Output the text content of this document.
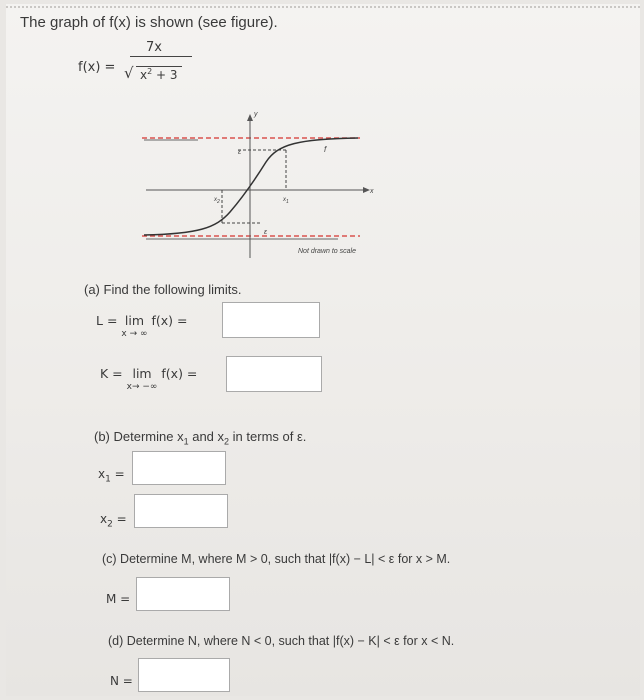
The graph of f(x) is shown (see figure).
f(x) =
7x
√ $x^2 + 3$
y
x
f
ε
ε
$x_1$
$x_2$
Not drawn to scale
(a) Find the following limits.
L = lim
x → ∞
f(x) =
K = lim
x→ −∞
f(x) =
(b) Determine $x_1$ and $x_2$ in terms of ε.
$x_1$ =
$x_2$ =
(c) Determine M, where M > 0, such that |f(x) − L| < ε for x > M.
M =
(d) Determine N, where N < 0, such that |f(x) − K| < ε for x < N.
N =
